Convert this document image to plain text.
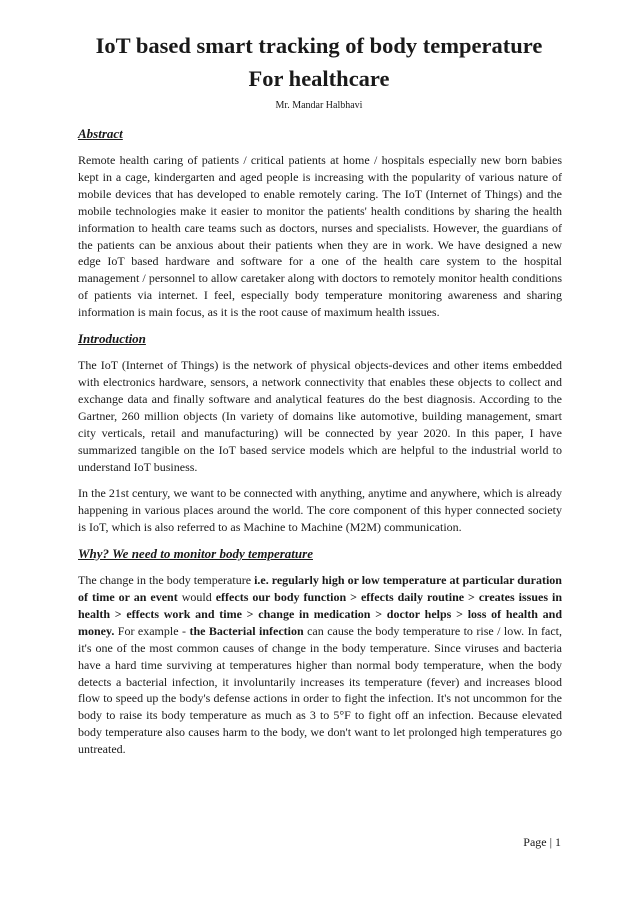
IoT based smart tracking of body temperature
For healthcare

Mr. Mandar Halbhavi

Abstract

Remote health caring of patients / critical patients at home / hospitals especially new born babies kept in a cage, kindergarten and aged people is increasing with the popularity of various nature of mobile devices that has developed to enable remotely caring. The IoT (Internet of Things) and the mobile technologies make it easier to monitor the patients' health conditions by sharing the health information to health care teams such as doctors, nurses and specialists. However, the guardians of the patients can be anxious about their patients when they are in work. We have designed a new edge IoT based hardware and software for a one of the health care system to the hospital management / personnel to allow caretaker along with doctors to remotely monitor health conditions of patients via internet. I feel, especially body temperature monitoring awareness and sharing information is main focus, as it is the root cause of maximum health issues.

Introduction

The IoT (Internet of Things) is the network of physical objects-devices and other items embedded with electronics hardware, sensors, a network connectivity that enables these objects to collect and exchange data and finally software and analytical features do the best diagnosis. According to the Gartner, 260 million objects (In variety of domains like automotive, building management, smart city verticals, retail and manufacturing) will be connected by year 2020. In this paper, I have summarized tangible on the IoT based service models which are helpful to the industrial world to understand IoT business.

In the 21st century, we want to be connected with anything, anytime and anywhere, which is already happening in various places around the world. The core component of this hyper connected society is IoT, which is also referred to as Machine to Machine (M2M) communication.

Why? We need to monitor body temperature

The change in the body temperature i.e. regularly high or low temperature at particular duration of time or an event would effects our body function > effects daily routine > creates issues in health > effects work and time > change in medication > doctor helps > loss of health and money. For example - the Bacterial infection can cause the body temperature to rise / low. In fact, it's one of the most common causes of change in the body temperature. Since viruses and bacteria have a hard time surviving at temperatures higher than normal body temperature, when the body detects a bacterial infection, it involuntarily increases its temperature (fever) and increases blood flow to speed up the body's defense actions in order to fight the infection. It's not uncommon for the body to raise its body temperature as much as 3 to 5°F to fight off an infection. Because elevated body temperature also causes harm to the body, we don't want to let prolonged high temperatures go untreated.

Page | 1
